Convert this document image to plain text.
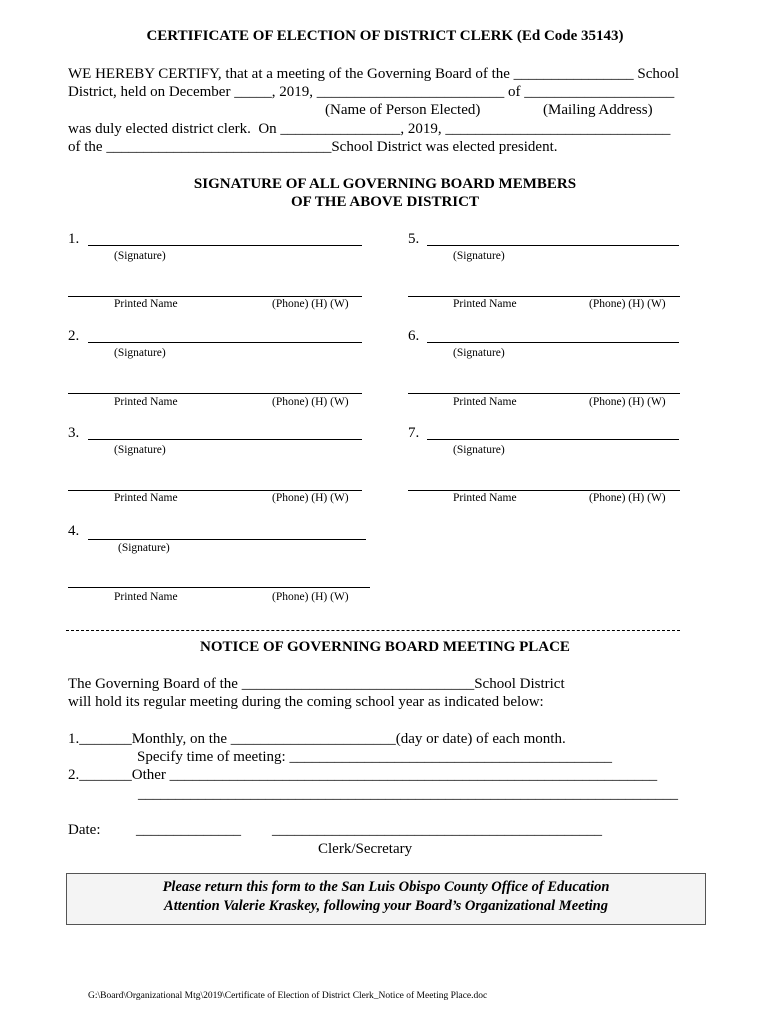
CERTIFICATE OF ELECTION OF DISTRICT CLERK (Ed Code 35143)
WE HEREBY CERTIFY, that at a meeting of the Governing Board of the ________________ School
District, held on December _____, 2019, _________________________ of ____________________
(Name of Person Elected)	(Mailing Address)
was duly elected district clerk.  On ________________, 2019, ______________________________
of the ______________________________School District was elected president.
SIGNATURE OF ALL GOVERNING BOARD MEMBERS
OF THE ABOVE DISTRICT
1.
(Signature)
Printed Name	(Phone) (H) (W)
2.
(Signature)
Printed Name	(Phone) (H) (W)
3.
(Signature)
Printed Name	(Phone) (H) (W)
4.
(Signature)
Printed Name	(Phone) (H) (W)
5.
(Signature)
Printed Name	(Phone) (H) (W)
6.
(Signature)
Printed Name	(Phone) (H) (W)
7.
(Signature)
Printed Name	(Phone) (H) (W)
NOTICE OF GOVERNING BOARD MEETING PLACE
The Governing Board of the _______________________________School District
will hold its regular meeting during the coming school year as indicated below:
1._______Monthly, on the ______________________(day or date) of each month.
Specify time of meeting: ___________________________________________
2._______Other _________________________________________________________________
________________________________________________________________________
Date: ______________ ____________________________________________
Clerk/Secretary
Please return this form to the San Luis Obispo County Office of Education
Attention Valerie Kraskey, following your Board’s Organizational Meeting
G:\Board\Organizational Mtg\2019\Certificate of Election of District Clerk_Notice of Meeting Place.doc
